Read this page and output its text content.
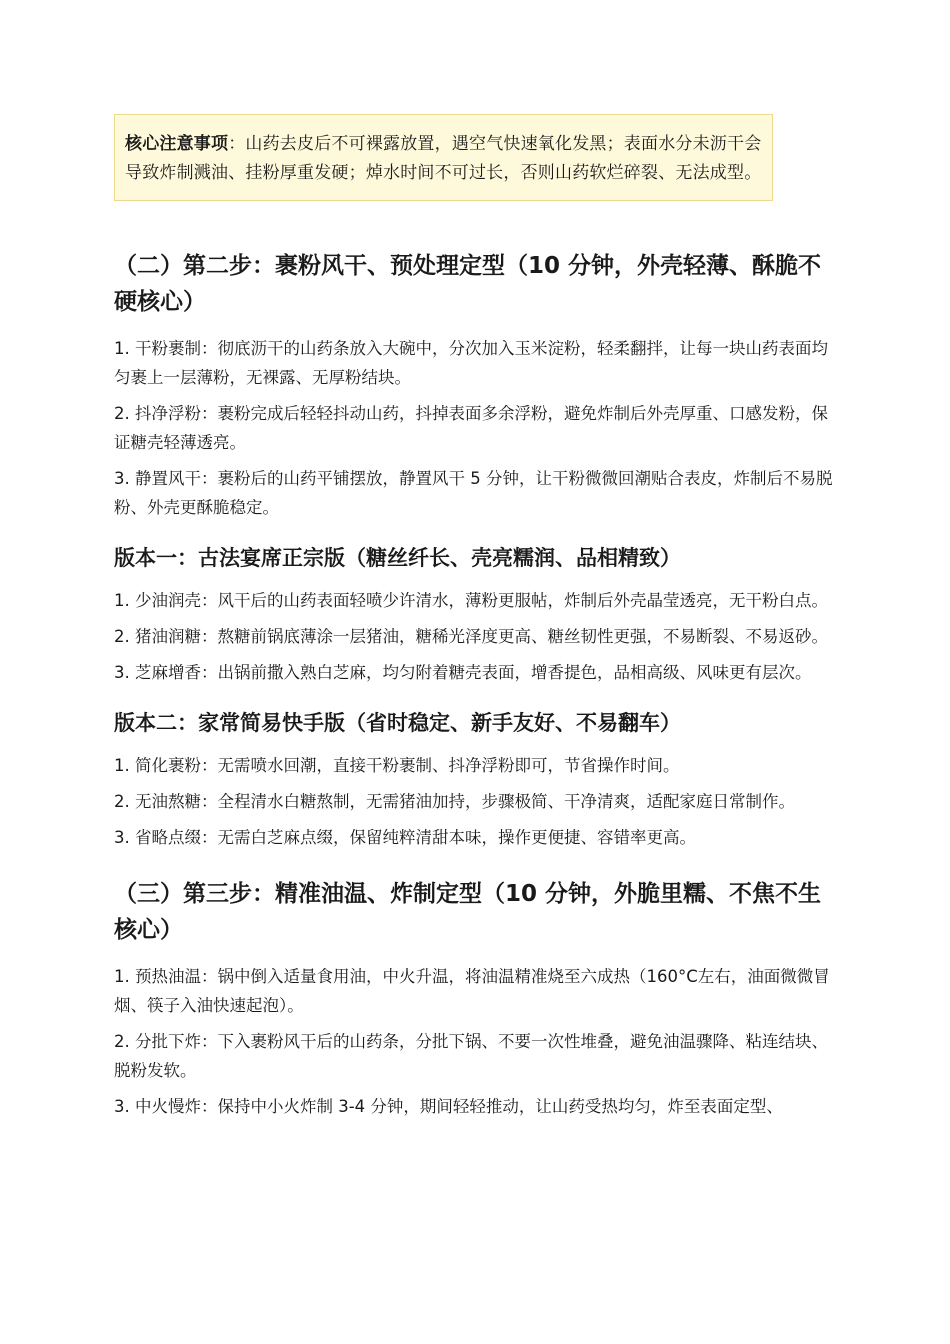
核心注意事项：山药去皮后不可裸露放置，遇空气快速氧化发黑；表面水分未沥干会导致炸制溅油、挂粉厚重发硬；焯水时间不可过长，否则山药软烂碎裂、无法成型。
（二）第二步：裹粉风干、预处理定型（10 分钟，外壳轻薄、酥脆不硬核心）

1. 干粉裹制：彻底沥干的山药条放入大碗中，分次加入玉米淀粉，轻柔翻拌，让每一块山药表面均匀裹上一层薄粉，无裸露、无厚粉结块。

2. 抖净浮粉：裹粉完成后轻轻抖动山药，抖掉表面多余浮粉，避免炸制后外壳厚重、口感发粉，保证糖壳轻薄透亮。

3. 静置风干：裹粉后的山药平铺摆放，静置风干 5 分钟，让干粉微微回潮贴合表皮，炸制后不易脱粉、外壳更酥脆稳定。

版本一：古法宴席正宗版（糖丝纤长、壳亮糯润、品相精致）

1. 少油润壳：风干后的山药表面轻喷少许清水，薄粉更服帖，炸制后外壳晶莹透亮，无干粉白点。

2. 猪油润糖：熬糖前锅底薄涂一层猪油，糖稀光泽度更高、糖丝韧性更强，不易断裂、不易返砂。

3. 芝麻增香：出锅前撒入熟白芝麻，均匀附着糖壳表面，增香提色，品相高级、风味更有层次。

版本二：家常简易快手版（省时稳定、新手友好、不易翻车）

1. 简化裹粉：无需喷水回潮，直接干粉裹制、抖净浮粉即可，节省操作时间。

2. 无油熬糖：全程清水白糖熬制，无需猪油加持，步骤极简、干净清爽，适配家庭日常制作。

3. 省略点缀：无需白芝麻点缀，保留纯粹清甜本味，操作更便捷、容错率更高。

（三）第三步：精准油温、炸制定型（10 分钟，外脆里糯、不焦不生核心）

1. 预热油温：锅中倒入适量食用油，中火升温，将油温精准烧至六成热（160°C左右，油面微微冒烟、筷子入油快速起泡）。

2. 分批下炸：下入裹粉风干后的山药条，分批下锅、不要一次性堆叠，避免油温骤降、粘连结块、脱粉发软。

3. 中火慢炸：保持中小火炸制 3-4 分钟，期间轻轻推动，让山药受热均匀，炸至表面定型、
